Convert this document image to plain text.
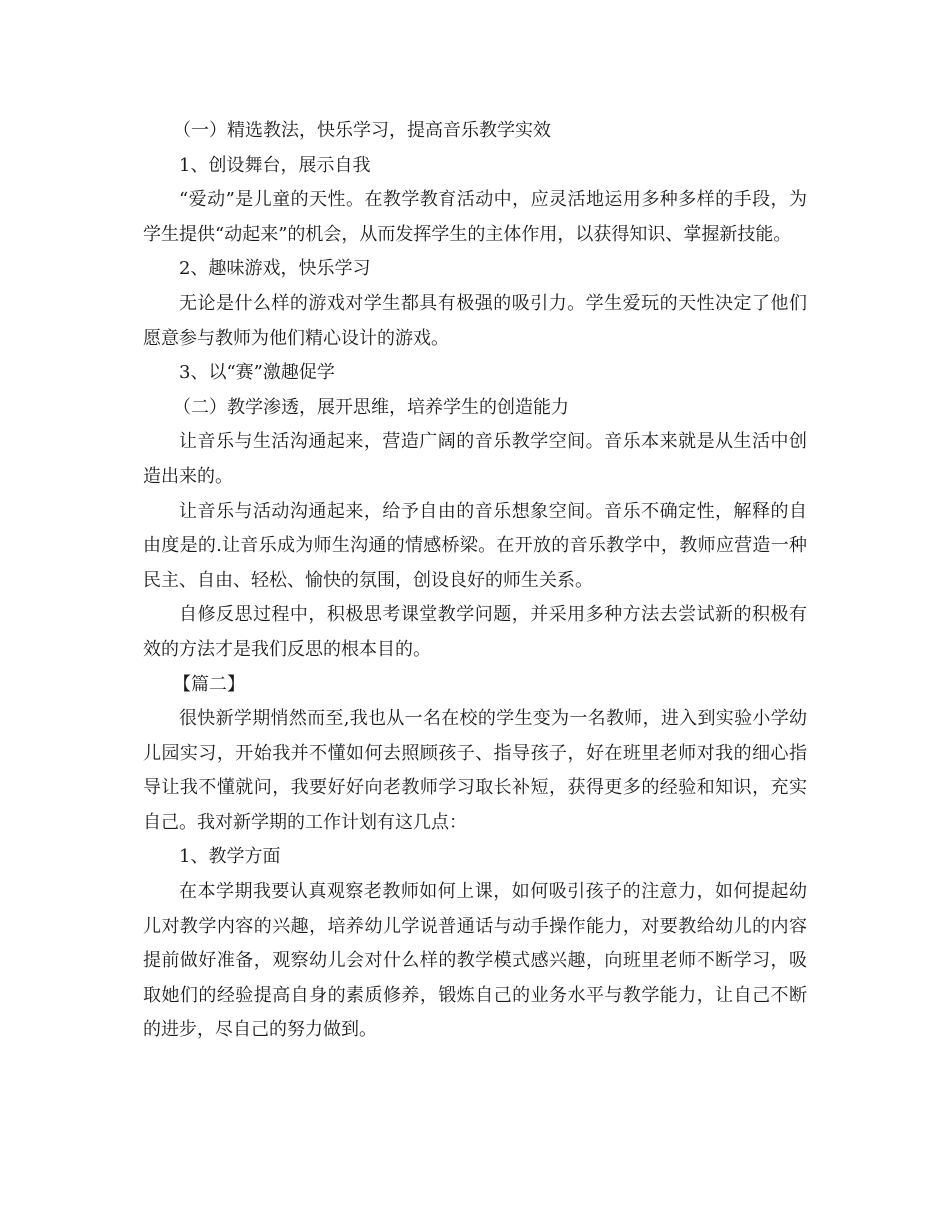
（一）精选教法，快乐学习，提高音乐教学实效

1、创设舞台，展示自我

“爱动”是儿童的天性。在教学教育活动中，应灵活地运用多种多样的手段，为学生提供“动起来”的机会，从而发挥学生的主体作用，以获得知识、掌握新技能。

2、趣味游戏，快乐学习

无论是什么样的游戏对学生都具有极强的吸引力。学生爱玩的天性决定了他们愿意参与教师为他们精心设计的游戏。

3、以“赛”激趣促学

（二）教学渗透，展开思维，培养学生的创造能力

让音乐与生活沟通起来，营造广阔的音乐教学空间。音乐本来就是从生活中创造出来的。

让音乐与活动沟通起来，给予自由的音乐想象空间。音乐不确定性，解释的自由度是的.让音乐成为师生沟通的情感桥梁。在开放的音乐教学中，教师应营造一种民主、自由、轻松、愉快的氛围，创设良好的师生关系。

自修反思过程中，积极思考课堂教学问题，并采用多种方法去尝试新的积极有效的方法才是我们反思的根本目的。

【篇二】

很快新学期悄然而至,我也从一名在校的学生变为一名教师，进入到实验小学幼儿园实习，开始我并不懂如何去照顾孩子、指导孩子，好在班里老师对我的细心指导让我不懂就问，我要好好向老教师学习取长补短，获得更多的经验和知识，充实自己。我对新学期的工作计划有这几点：

1、教学方面

在本学期我要认真观察老教师如何上课，如何吸引孩子的注意力，如何提起幼儿对教学内容的兴趣，培养幼儿学说普通话与动手操作能力，对要教给幼儿的内容提前做好准备，观察幼儿会对什么样的教学模式感兴趣，向班里老师不断学习，吸取她们的经验提高自身的素质修养，锻炼自己的业务水平与教学能力，让自己不断的进步，尽自己的努力做到。
